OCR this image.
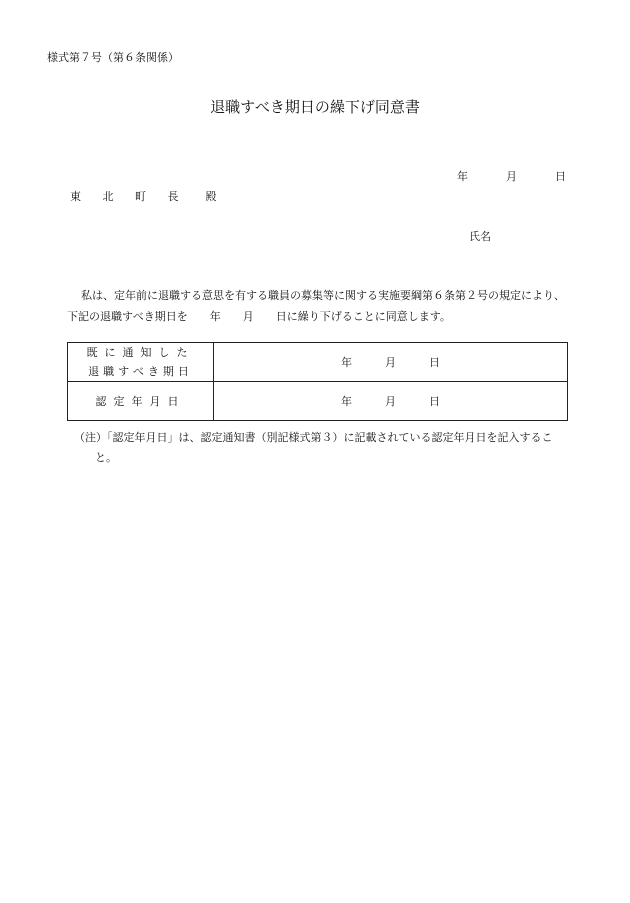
様式第７号（第６条関係）
退職すべき期日の繰下げ同意書
年	月	日
東 北 町 長 殿
氏名
私は、定年前に退職する意思を有する職員の募集等に関する実施要綱第６条第２号の規定により、
下記の退職すべき期日を　　年　　月　　日に繰り下げることに同意します。
既に通知した
退職すべき期日	年　　　月　　　日
認定年月日	年　　　月　　　日
（注）「認定年月日」は、認定通知書（別記様式第３）に記載されている認定年月日を記入するこ
と。
